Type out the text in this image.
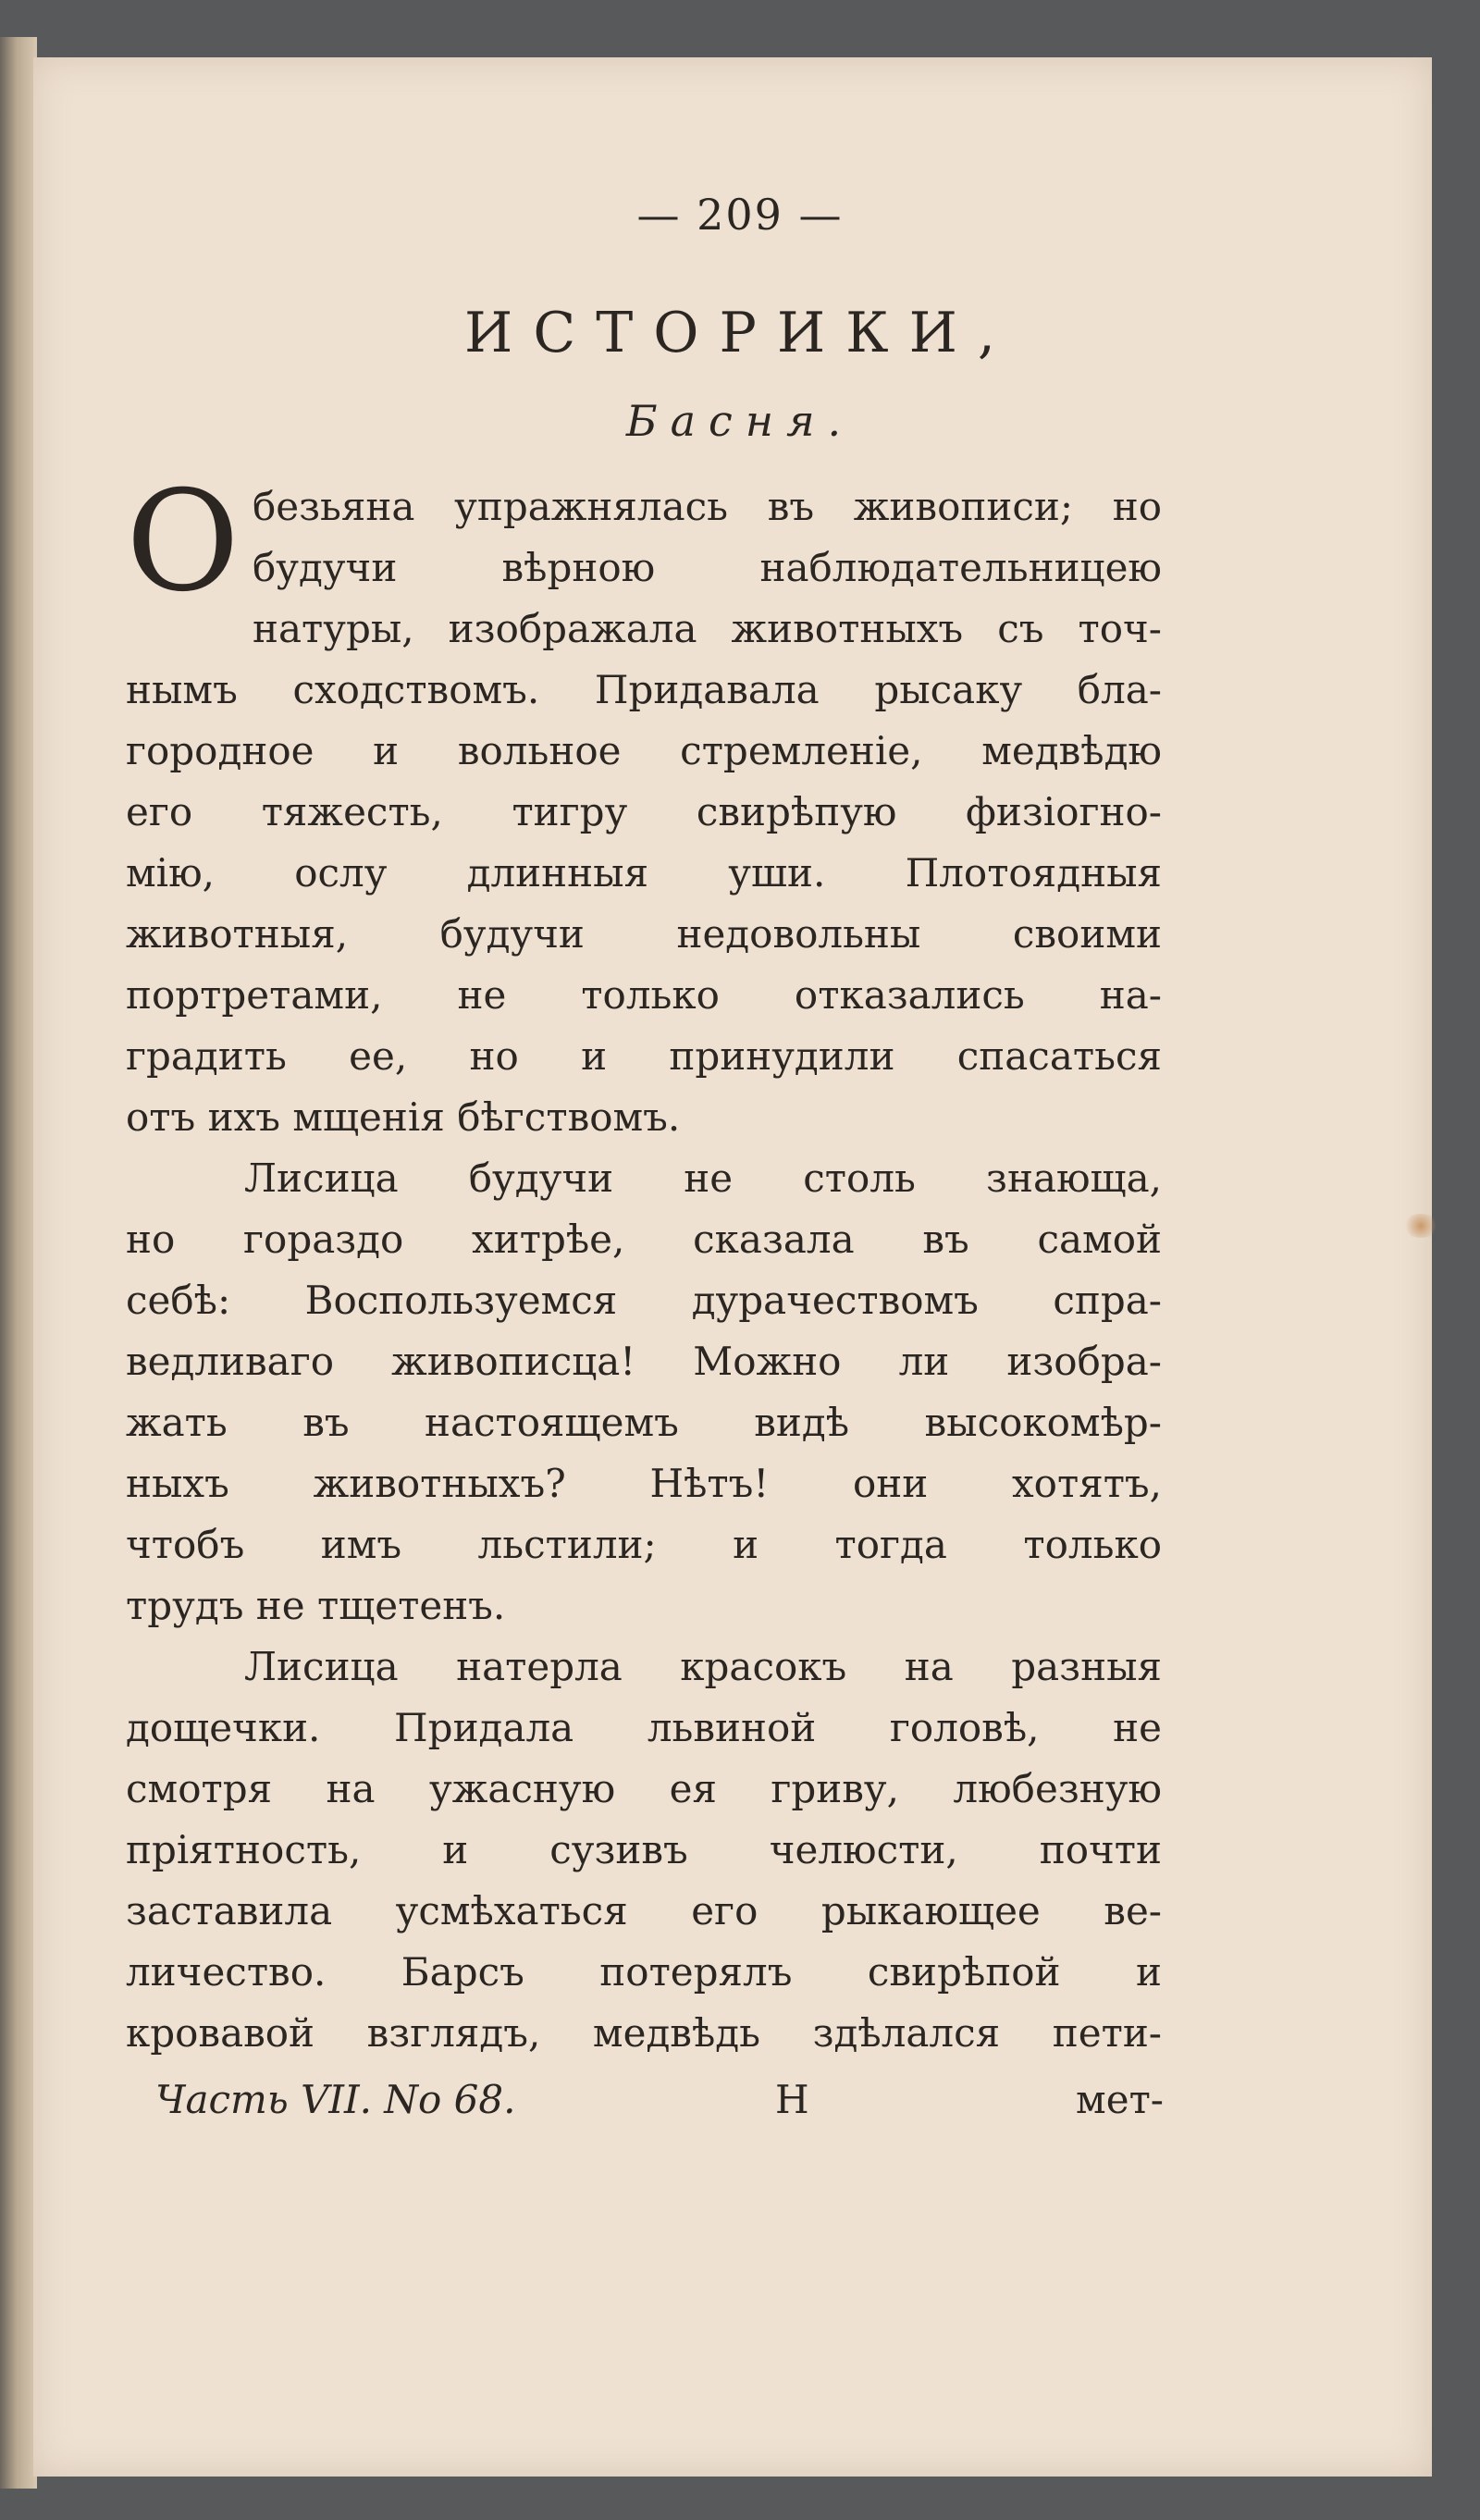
— 209 —
ИСТОРИКИ,
Басня.

О безьяна упражнялась въ живописи; но
будучи вѣрною наблюдательницею
натуры, изображала животныхъ съ точ-
нымъ сходствомъ. Придавала рысаку бла-
городное и вольное стремленіе, медвѣдю
его тяжесть, тигру свирѣпую физіогно-
мію, ослу длинныя уши. Плотоядныя
животныя, будучи недовольны своими
портретами, не только отказались на-
градить ее, но и принудили спасаться
отъ ихъ мщенія бѣгствомъ.

Лисица будучи не столь знающа,
но гораздо хитрѣе, сказала въ самой
себѣ: Воспользуемся дурачествомъ спра-
ведливаго живописца! Можно ли изобра-
жать въ настоящемъ видѣ высокомѣр-
ныхъ животныхъ? Нѣтъ! они хотятъ,
чтобъ имъ льстили; и тогда только
трудъ не тщетенъ.

Лисица натерла красокъ на разныя
дощечки. Придала львиной головѣ, не
смотря на ужасную ея гриву, любезную
пріятность, и сузивъ челюсти, почти
заставила усмѣхаться его рыкающее ве-
личество. Барсъ потерялъ свирѣпой и
кровавой взглядъ, медвѣдь здѣлался пети-

Часть VII. No 68.	Н	мет-
